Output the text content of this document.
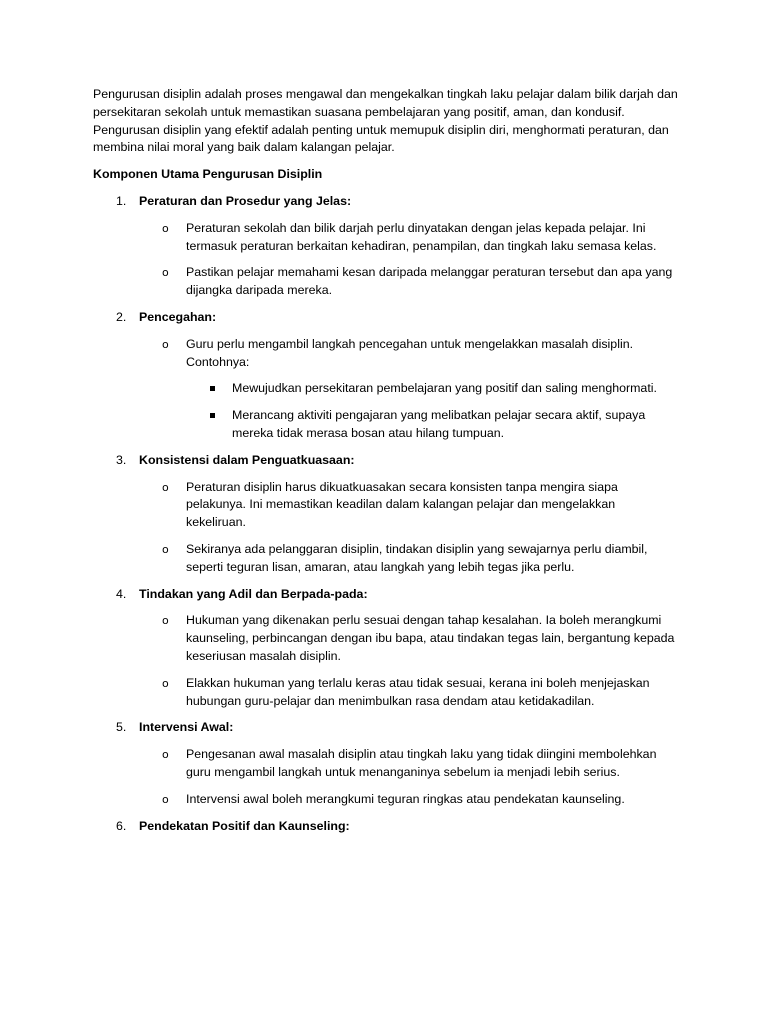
Pengurusan disiplin adalah proses mengawal dan mengekalkan tingkah laku pelajar dalam bilik darjah dan persekitaran sekolah untuk memastikan suasana pembelajaran yang positif, aman, dan kondusif. Pengurusan disiplin yang efektif adalah penting untuk memupuk disiplin diri, menghormati peraturan, dan membina nilai moral yang baik dalam kalangan pelajar.

Komponen Utama Pengurusan Disiplin

1. Peraturan dan Prosedur yang Jelas:
o Peraturan sekolah dan bilik darjah perlu dinyatakan dengan jelas kepada pelajar. Ini termasuk peraturan berkaitan kehadiran, penampilan, dan tingkah laku semasa kelas.
o Pastikan pelajar memahami kesan daripada melanggar peraturan tersebut dan apa yang dijangka daripada mereka.
2. Pencegahan:
o Guru perlu mengambil langkah pencegahan untuk mengelakkan masalah disiplin. Contohnya:
Mewujudkan persekitaran pembelajaran yang positif dan saling menghormati.
Merancang aktiviti pengajaran yang melibatkan pelajar secara aktif, supaya mereka tidak merasa bosan atau hilang tumpuan.
3. Konsistensi dalam Penguatkuasaan:
o Peraturan disiplin harus dikuatkuasakan secara konsisten tanpa mengira siapa pelakunya. Ini memastikan keadilan dalam kalangan pelajar dan mengelakkan kekeliruan.
o Sekiranya ada pelanggaran disiplin, tindakan disiplin yang sewajarnya perlu diambil, seperti teguran lisan, amaran, atau langkah yang lebih tegas jika perlu.
4. Tindakan yang Adil dan Berpada-pada:
o Hukuman yang dikenakan perlu sesuai dengan tahap kesalahan. Ia boleh merangkumi kaunseling, perbincangan dengan ibu bapa, atau tindakan tegas lain, bergantung kepada keseriusan masalah disiplin.
o Elakkan hukuman yang terlalu keras atau tidak sesuai, kerana ini boleh menjejaskan hubungan guru-pelajar dan menimbulkan rasa dendam atau ketidakadilan.
5. Intervensi Awal:
o Pengesanan awal masalah disiplin atau tingkah laku yang tidak diingini membolehkan guru mengambil langkah untuk menanganinya sebelum ia menjadi lebih serius.
o Intervensi awal boleh merangkumi teguran ringkas atau pendekatan kaunseling.
6. Pendekatan Positif dan Kaunseling:
